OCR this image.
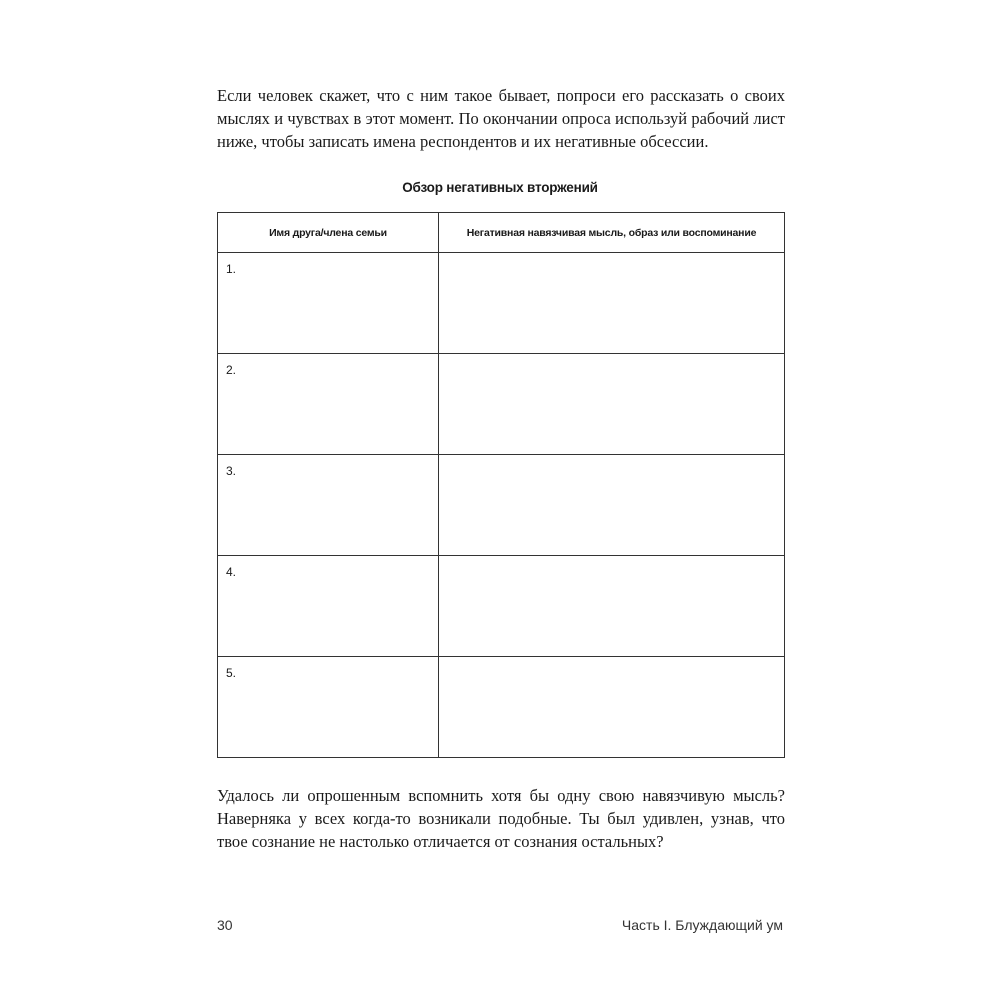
Если человек скажет, что с ним такое бывает, попроси его рассказать о своих
мыслях и чувствах в этот момент. По окончании опроса используй рабочий лист
ниже, чтобы записать имена респондентов и их негативные обсессии.

Обзор негативных вторжений

Имя друга/члена семьи	Негативная навязчивая мысль, образ или воспоминание

1.	

2.	

3.	

4.	

5.	

Удалось ли опрошенным вспомнить хотя бы одну свою навязчивую мысль?
Наверняка у всех когда-то возникали подобные. Ты был удивлен, узнав, что
твое сознание не настолько отличается от сознания остальных?

30	Часть I. Блуждающий ум
